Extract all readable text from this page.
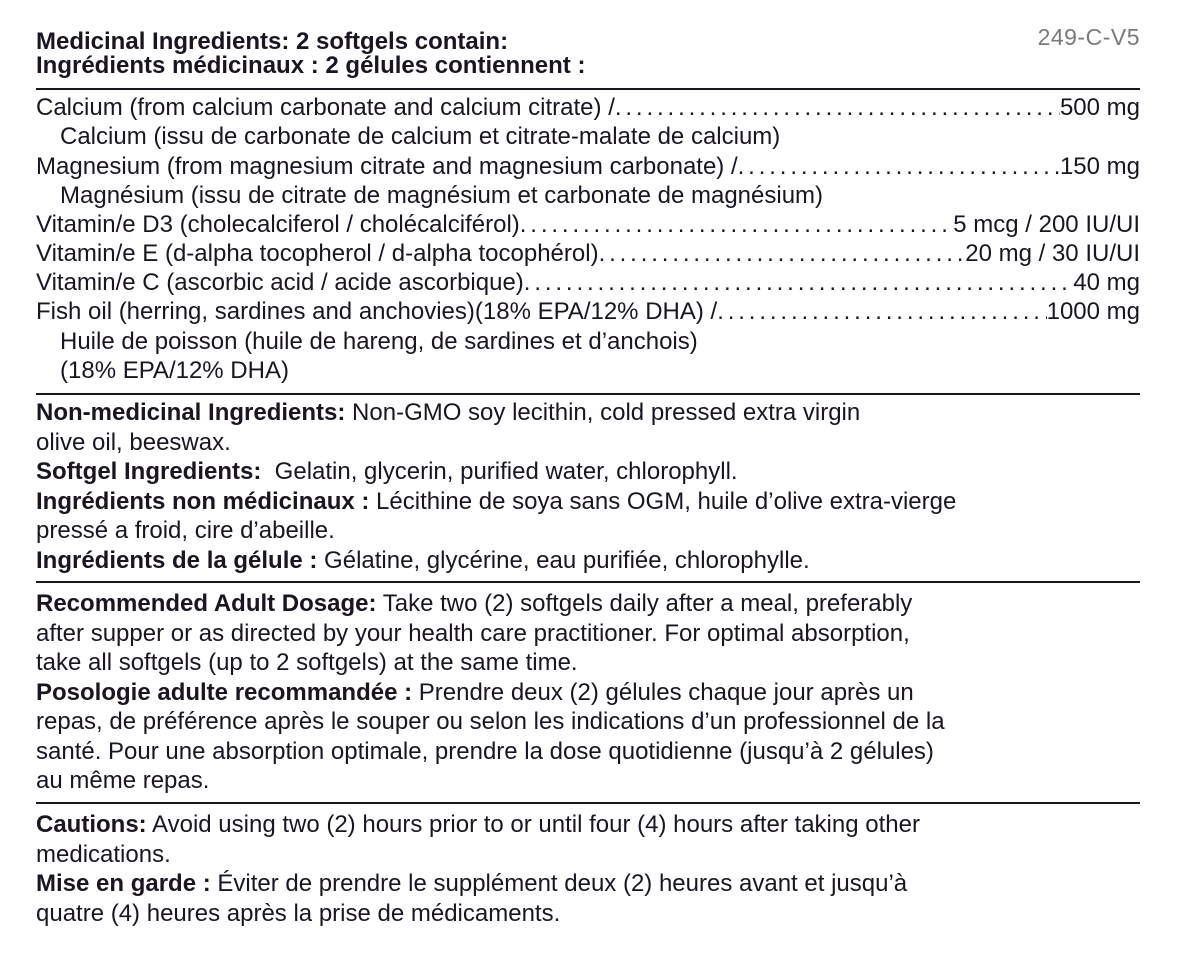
249-C-V5
Medicinal Ingredients: 2 softgels contain:
Ingrédients médicinaux : 2 gélules contiennent :
Calcium (from calcium carbonate and calcium citrate) / . . .	500 mg
Calcium (issu de carbonate de calcium et citrate-malate de calcium)
Magnesium (from magnesium citrate and magnesium carbonate) / . . .	150 mg
Magnésium (issu de citrate de magnésium et carbonate de magnésium)
Vitamin/e D3 (cholecalciferol / cholécalciférol) . . .	5 mcg / 200 IU/UI
Vitamin/e E (d-alpha tocopherol / d-alpha tocophérol) . . .	20 mg / 30 IU/UI
Vitamin/e C (ascorbic acid / acide ascorbique) . . .	40 mg
Fish oil (herring, sardines and anchovies)(18% EPA/12% DHA) / . . .	1000 mg
Huile de poisson (huile de hareng, de sardines et d’anchois)
(18% EPA/12% DHA)

Non-medicinal Ingredients: Non-GMO soy lecithin, cold pressed extra virgin

olive oil, beeswax.

Softgel Ingredients:  Gelatin, glycerin, purified water, chlorophyll.

Ingrédients non médicinaux : Lécithine de soya sans OGM, huile d’olive extra-vierge

pressé a froid, cire d’abeille.

Ingrédients de la gélule : Gélatine, glycérine, eau purifiée, chlorophylle.

Recommended Adult Dosage: Take two (2) softgels daily after a meal, preferably

after supper or as directed by your health care practitioner. For optimal absorption,

take all softgels (up to 2 softgels) at the same time.

Posologie adulte recommandée : Prendre deux (2) gélules chaque jour après un

repas, de préférence après le souper ou selon les indications d’un professionnel de la

santé. Pour une absorption optimale, prendre la dose quotidienne (jusqu’à 2 gélules)

au même repas.

Cautions: Avoid using two (2) hours prior to or until four (4) hours after taking other

medications.

Mise en garde : Éviter de prendre le supplément deux (2) heures avant et jusqu’à

quatre (4) heures après la prise de médicaments.
